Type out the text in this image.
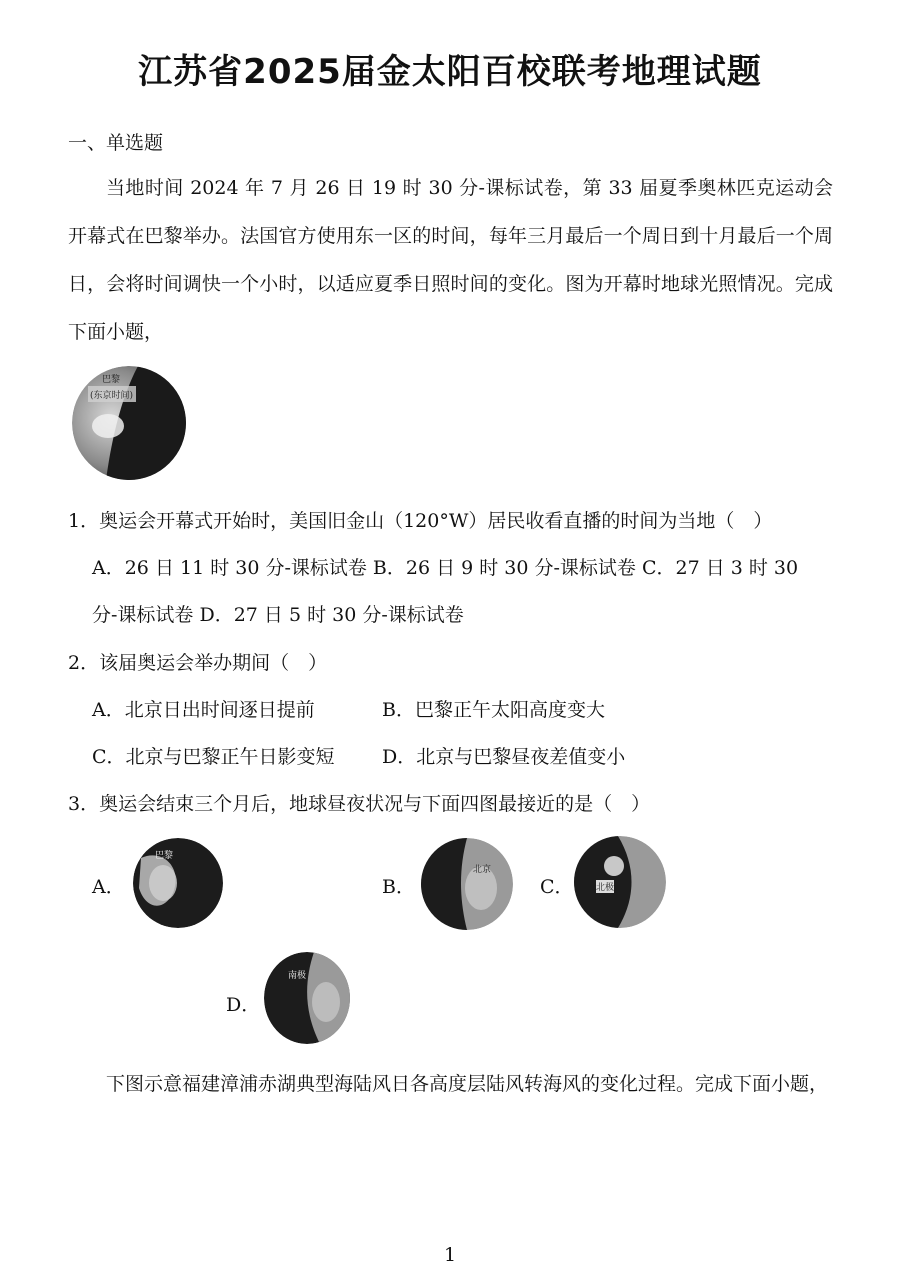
江苏省2025届金太阳百校联考地理试题
一、单选题
当地时间 2024 年 7 月 26 日 19 时 30 分-课标试卷，第 33 届夏季奥林匹克运动会开幕式在巴黎举办。法国官方使用东一区的时间，每年三月最后一个周日到十月最后一个周日，会将时间调快一个小时，以适应夏季日照时间的变化。图为开幕时地球光照情况。完成下面小题，
巴黎
(东京时间)
1．奥运会开幕式开始时，美国旧金山（120°W）居民收看直播的时间为当地（　）
A．26 日 11 时 30 分-课标试卷 B．26 日 9 时 30 分-课标试卷 C．27 日 3 时 30
分-课标试卷 D．27 日 5 时 30 分-课标试卷
2．该届奥运会举办期间（　）
A．北京日出时间逐日提前	B．巴黎正午太阳高度变大
C．北京与巴黎正午日影变短 D．北京与巴黎昼夜差值变小
3．奥运会结束三个月后，地球昼夜状况与下面四图最接近的是（　）
A．
巴黎
B．
北京
C． 北极
D．
南极
下图示意福建漳浦赤湖典型海陆风日各高度层陆风转海风的变化过程。完成下面小题，
1
